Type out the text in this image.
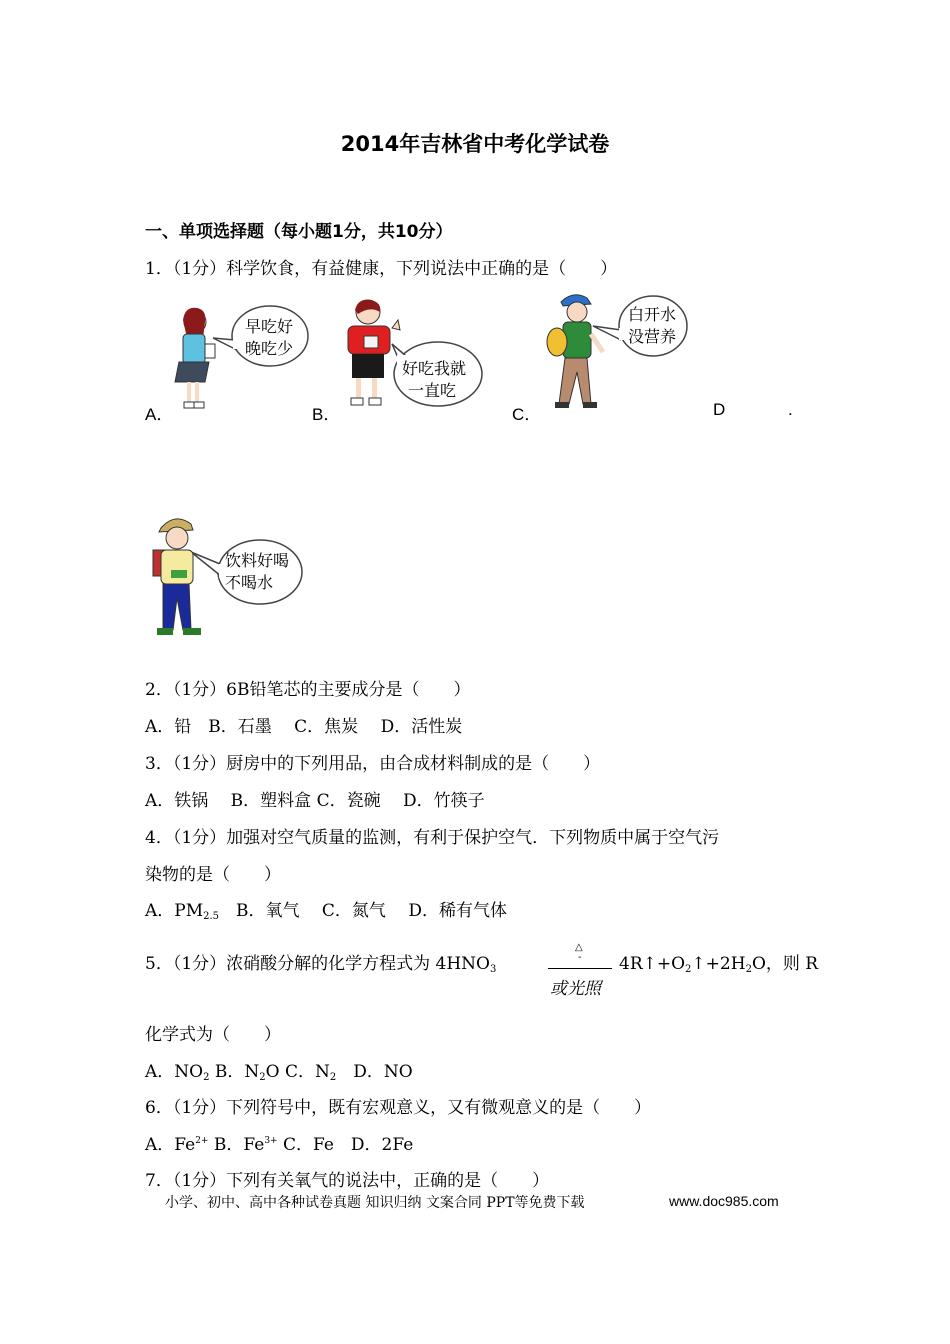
2014年吉林省中考化学试卷
一、单项选择题（每小题1分，共10分）
1．（1分）科学饮食，有益健康，下列说法中正确的是（　　）
A．	B．	C．	D	.
早吃好
晚吃少
好吃我就
一直吃
白开水
没营养
饮料好喝
不喝水
2．（1分）6B铅笔芯的主要成分是（　　）
A．铅　B．石墨　 C．焦炭　 D．活性炭
3．（1分）厨房中的下列用品，由合成材料制成的是（　　）
A．铁锅　 B．塑料盒 C．瓷碗　 D．竹筷子
4．（1分）加强对空气质量的监测，有利于保护空气．下列物质中属于空气污
染物的是（　　）
A．$PM_{2.5}$　B．氧气　 C．氮气　 D．稀有气体
5．（1分）浓硝酸分解的化学方程式为 $4HNO_3$
△
-
或光照
$4R↑+O_2↑+2H_2O$，则 R
化学式为（　　）
A．$NO_2$ B．$N_2O$ C．$N_2$　D．NO
6．（1分）下列符号中，既有宏观意义，又有微观意义的是（　　）
A．$Fe^{2+}$ B．$Fe^{3+}$ C．Fe　D．2Fe
7．（1分）下列有关氧气的说法中，正确的是（　　）
小学、初中、高中各种试卷真题 知识归纳 文案合同 PPT等免费下载	www.doc985.com
